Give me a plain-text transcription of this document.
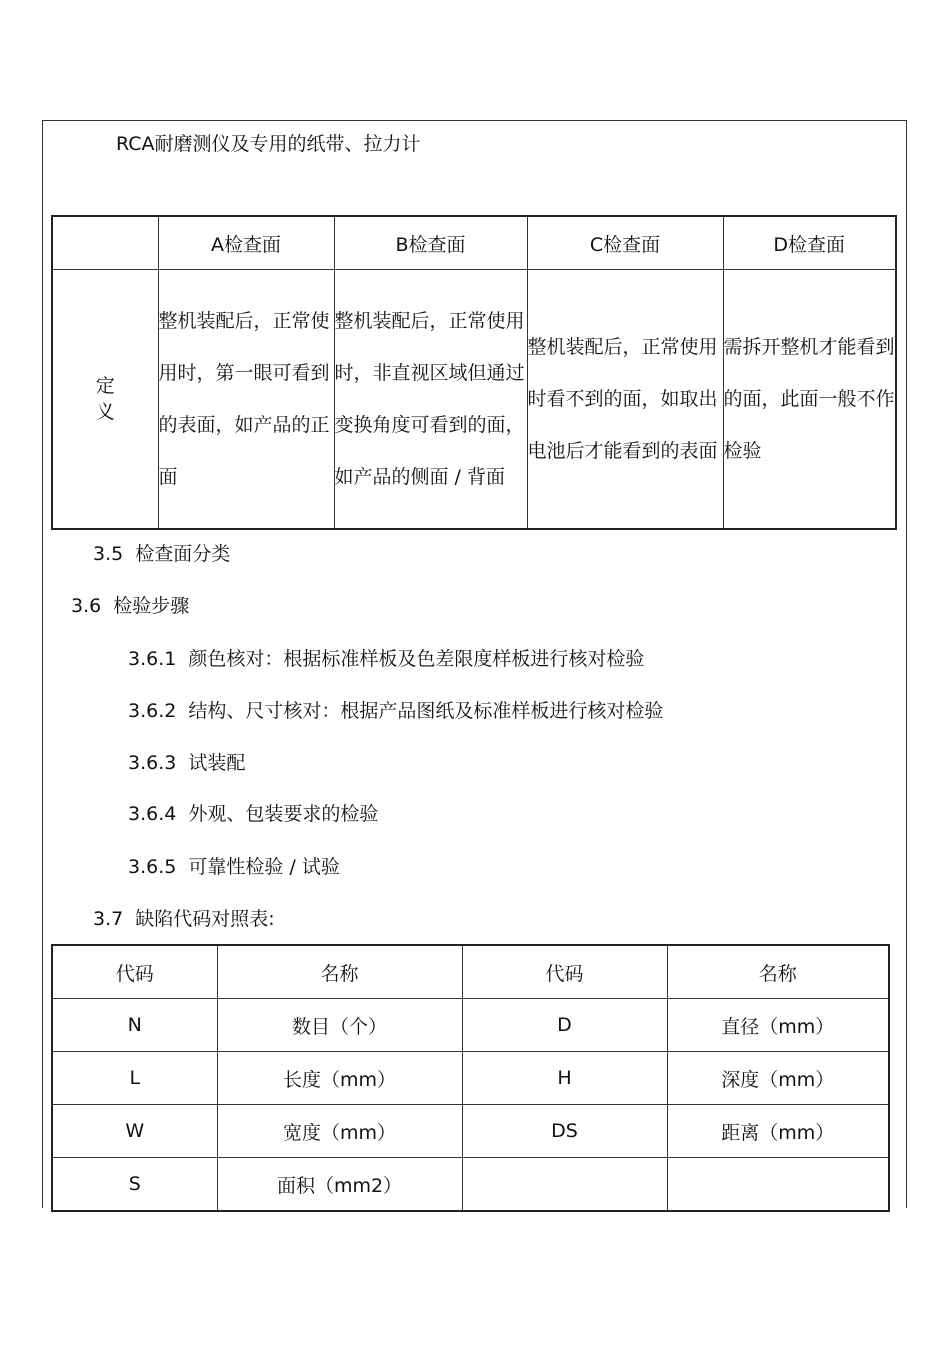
RCA耐磨测仪及专用的纸带、拉力计
	A检查面	B检查面	C检查面	D检查面
定义	整机装配后，正常使用时，第一眼可看到的表面，如产品的正面	整机装配后，正常使用时，非直视区域但通过变换角度可看到的面，如产品的侧面 / 背面	整机装配后，正常使用时看不到的面，如取出电池后才能看到的表面	需拆开整机才能看到的面，此面一般不作检验
3.5 检查面分类
3.6 检验步骤
3.6.1 颜色核对：根据标准样板及色差限度样板进行核对检验
3.6.2 结构、尺寸核对：根据产品图纸及标准样板进行核对检验
3.6.3 试装配
3.6.4 外观、包装要求的检验
3.6.5 可靠性检验 / 试验
3.7 缺陷代码对照表:
代码	名称	代码	名称
N	数目（个）	D	直径（mm）
L	长度（mm）	H	深度（mm）
W	宽度（mm）	DS	距离（mm）
S	面积（mm2）		
